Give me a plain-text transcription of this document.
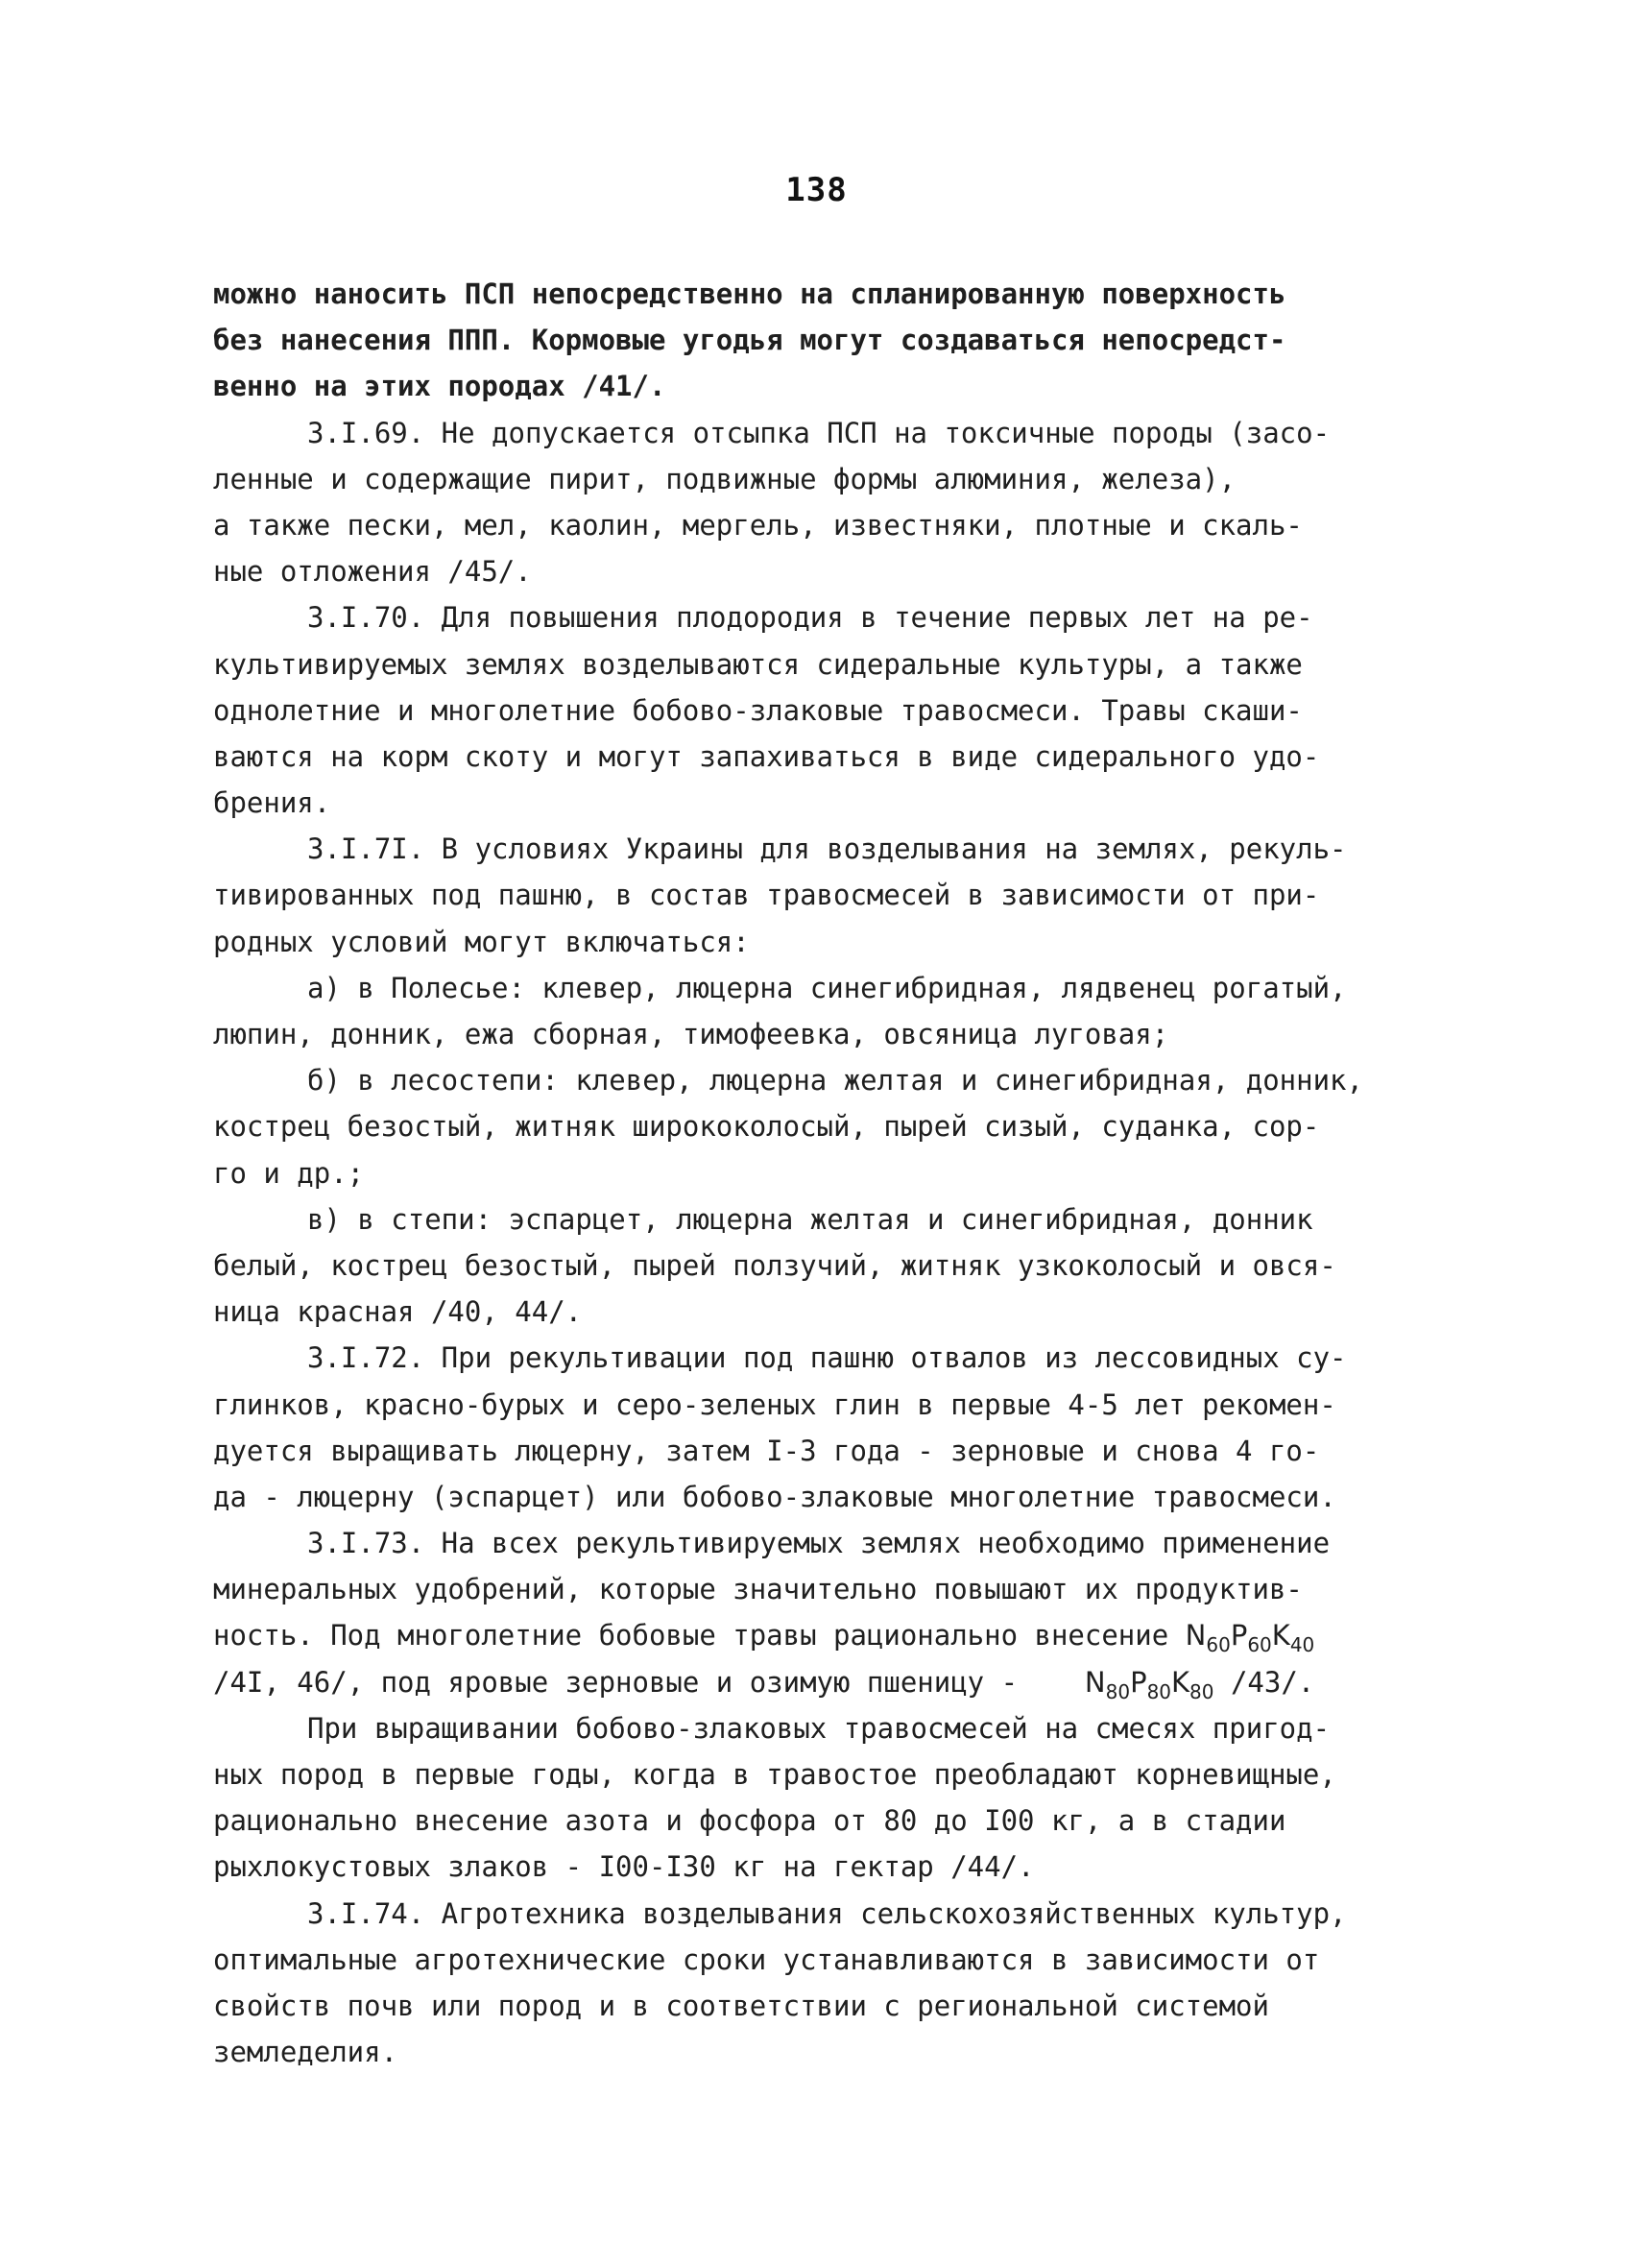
138
можно наносить ПСП непосредственно на спланированную поверхность
без нанесения ППП. Кормовые угодья могут создаваться непосредст-
венно на этих породах /41/.
3.I.69. Не допускается отсыпка ПСП на токсичные породы (засо-
ленные и содержащие пирит, подвижные формы алюминия, железа),
а также пески, мел, каолин, мергель, известняки, плотные и скаль-
ные отложения /45/.
3.I.70. Для повышения плодородия в течение первых лет на ре-
культивируемых землях возделываются сидеральные культуры, а также
однолетние и многолетние бобово-злаковые травосмеси. Травы скаши-
ваются на корм скоту и могут запахиваться в виде сидерального удо-
брения.
3.I.7I. В условиях Украины для возделывания на землях, рекуль-
тивированных под пашню, в состав травосмесей в зависимости от при-
родных условий могут включаться:
а) в Полесье: клевер, люцерна синегибридная, лядвенец рогатый,
люпин, донник, ежа сборная, тимофеевка, овсяница луговая;
б) в лесостепи: клевер, люцерна желтая и синегибридная, донник,
костpец безостый, житняк ширококолосый, пырей сизый, суданка, сор-
го и др.;
в) в степи: эспарцет, люцерна желтая и синегибридная, донник
белый, костpец безостый, пырей ползучий, житняк узкоколосый и овся-
ница красная /40, 44/.
3.I.72. При рекультивации под пашню отвалов из лессовидных су-
глинков, красно-бурых и серо-зеленых глин в первые 4-5 лет рекомен-
дуется выращивать люцерну, затем I-3 года - зерновые и снова 4 го-
да - люцерну (эспарцет) или бобово-злаковые многолетние травосмеси.
3.I.73. На всех рекультивируемых землях необходимо применение
минеральных удобрений, которые значительно повышают их продуктив-
ность. Под многолетние бобовые травы рационально внесение $N_{60}P_{60}K_{40}$
/4I, 46/, под яровые зерновые и озимую пшеницу - $N_{80}P_{80}K_{80}$ /43/.
При выращивании бобово-злаковых травосмесей на смесях пригод-
ных пород в первые годы, когда в травостое преобладают корневищные,
рационально внесение азота и фосфора от 80 до I00 кг, а в стадии
рыхлокустовых злаков - I00-I30 кг на гектар /44/.
3.I.74. Агротехника возделывания сельскохозяйственных культур,
оптимальные агротехнические сроки устанавливаются в зависимости от
свойств почв или пород и в соответствии с региональной системой
земледелия.
